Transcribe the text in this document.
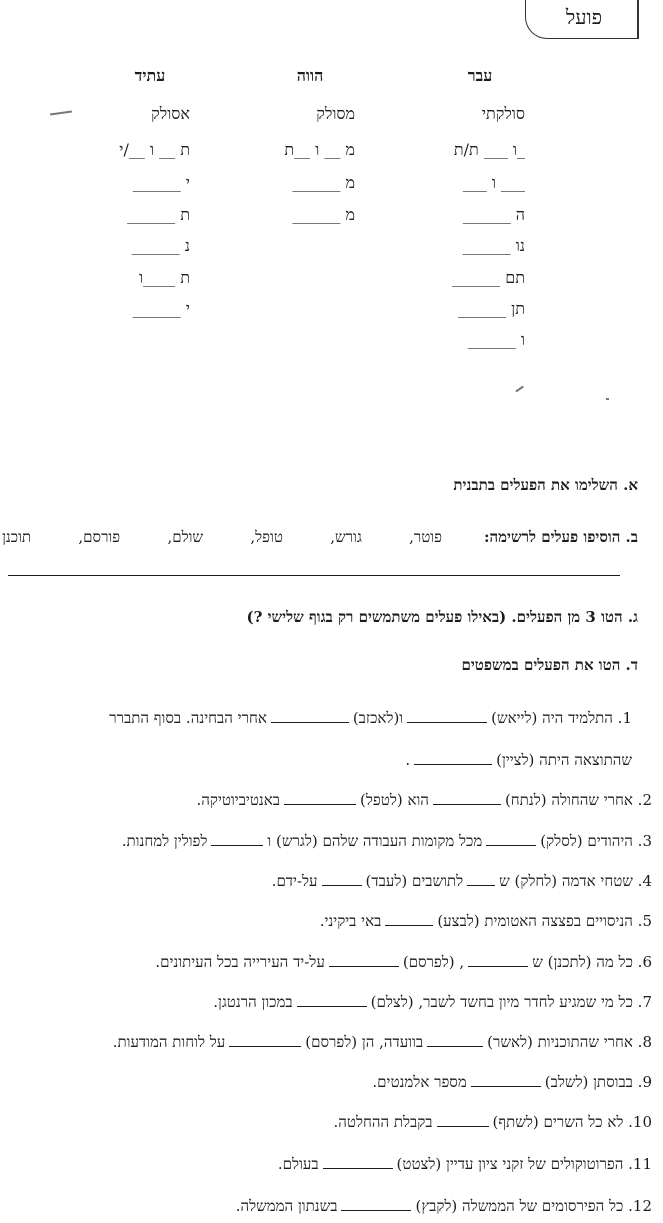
פועל
עבר
הווה
עתיד
סולקתי
מסולק
אסולק
_ו ___ ת/ת
___ ו ___
ה ______
נו ______
תם ______
תן ______
ו ______
מ __ ו __ת
מ ______
מ ______
ת __ ו __/י
י ______
ת ______
נ ______
ת ____ו
י ______
א. השלימו את הפעלים בתבנית
ב. הוסיפו פעלים לרשימה:
פוטר,
גורש,
טופל,
שולם,
פורסם,
תוכנן
ג. הטו 3 מן הפעלים. (באילו פעלים משתמשים רק בגוף שלישי ?)
ד. הטו את הפעלים במשפטים
1. התלמיד היה (לייאש)ו(לאכזב)אחרי הבחינה. בסוף התברר
שהתוצאה היתה (לציין).
2. אחרי שהחולה (לנתח)הוא (לטפל)באנטיביוטיקה.
3. היהודים (לסלק)מכל מקומות העבודה שלהם (לגרש) ולפולין למחנות.
4. שטחי אדמה (לחלק) שלתושבים (לעבד)על-ידם.
5. הניסויים בפצצה האטומית (לבצע)באי ביקיני.
6. כל מה (לתכנן) ש, (לפרסם)על-יד העירייה בכל העיתונים.
7. כל מי שמגיע לחדר מיון בחשד לשבר, (לצלם)במכון הרנטגן.
8. אחרי שהתוכניות (לאשר)בוועדה, הן (לפרסם)על לוחות המודעות.
9. בבוסתן (לשלב)מספר אלמנטים.
10. לא כל השרים (לשתף)בקבלת ההחלטה.
11. הפרוטוקולים של זקני ציון עדיין (לצטט)בעולם.
12. כל הפירסומים של הממשלה (לקבץ)בשנתון הממשלה.
